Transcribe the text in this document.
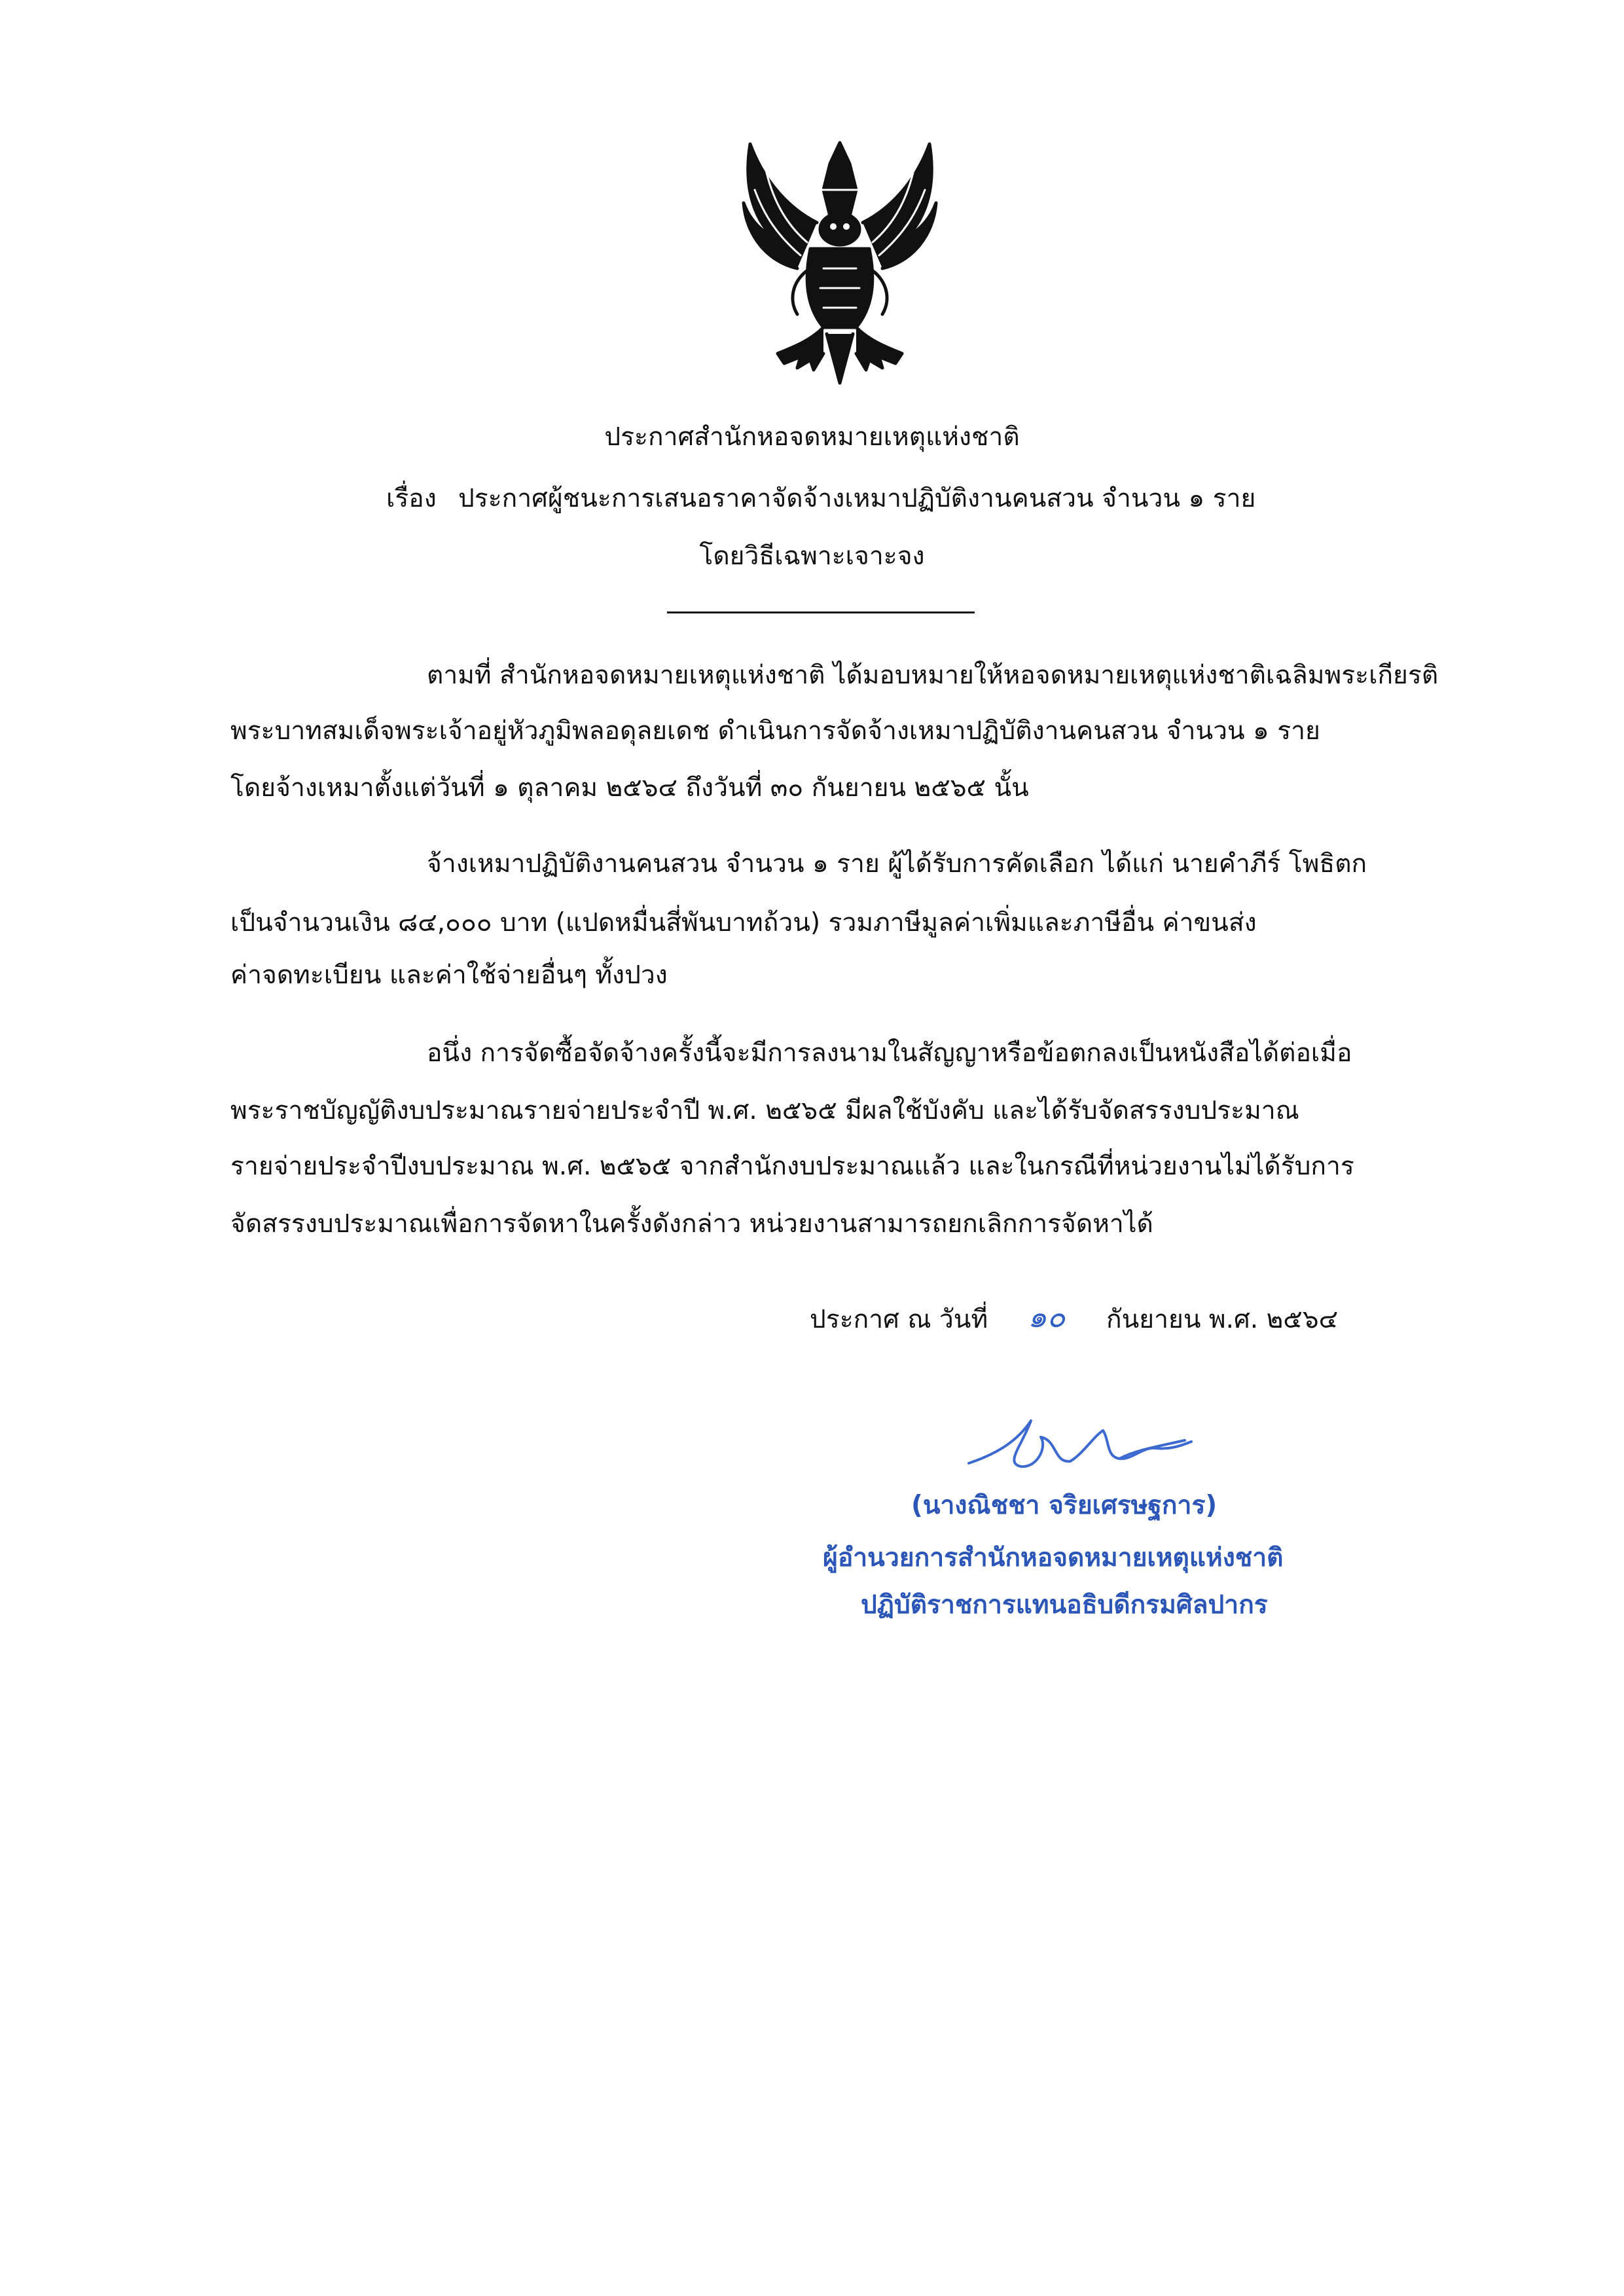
ประกาศสำนักหอจดหมายเหตุแห่งชาติ
เรื่อง ประกาศผู้ชนะการเสนอราคาจัดจ้างเหมาปฏิบัติงานคนสวน จำนวน ๑ ราย
โดยวิธีเฉพาะเจาะจง
ตามที่ สำนักหอจดหมายเหตุแห่งชาติ ได้มอบหมายให้หอจดหมายเหตุแห่งชาติเฉลิมพระเกียรติ
พระบาทสมเด็จพระเจ้าอยู่หัวภูมิพลอดุลยเดช ดำเนินการจัดจ้างเหมาปฏิบัติงานคนสวน จำนวน ๑ ราย
โดยจ้างเหมาตั้งแต่วันที่ ๑ ตุลาคม ๒๕๖๔ ถึงวันที่ ๓๐ กันยายน ๒๕๖๕ นั้น
จ้างเหมาปฏิบัติงานคนสวน จำนวน ๑ ราย ผู้ได้รับการคัดเลือก ได้แก่ นายคำภีร์ โพธิตก
เป็นจำนวนเงิน ๘๔,๐๐๐ บาท (แปดหมื่นสี่พันบาทถ้วน) รวมภาษีมูลค่าเพิ่มและภาษีอื่น ค่าขนส่ง
ค่าจดทะเบียน และค่าใช้จ่ายอื่นๆ ทั้งปวง
อนึ่ง การจัดซื้อจัดจ้างครั้งนี้จะมีการลงนามในสัญญาหรือข้อตกลงเป็นหนังสือได้ต่อเมื่อ
พระราชบัญญัติงบประมาณรายจ่ายประจำปี พ.ศ. ๒๕๖๕ มีผลใช้บังคับ และได้รับจัดสรรงบประมาณ
รายจ่ายประจำปีงบประมาณ พ.ศ. ๒๕๖๕ จากสำนักงบประมาณแล้ว และในกรณีที่หน่วยงานไม่ได้รับการ
จัดสรรงบประมาณเพื่อการจัดหาในครั้งดังกล่าว หน่วยงานสามารถยกเลิกการจัดหาได้
ประกาศ ณ วันที่ ๑๐ กันยายน พ.ศ. ๒๕๖๔
(นางณิชชา จริยเศรษฐการ)
ผู้อำนวยการสำนักหอจดหมายเหตุแห่งชาติ
ปฏิบัติราชการแทนอธิบดีกรมศิลปากร
